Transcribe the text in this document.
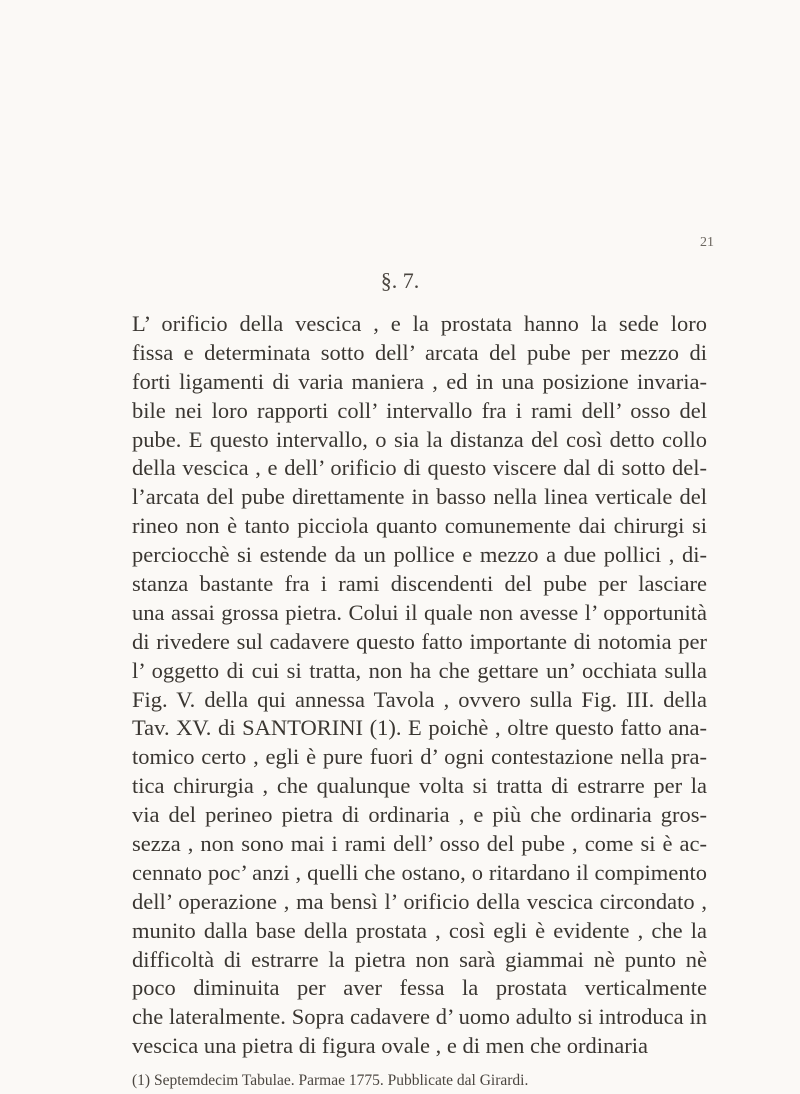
21
§. 7.
L’ orificio della vescica , e la prostata hanno la sede loro
fissa e determinata sotto dell’ arcata del pube per mezzo di
forti ligamenti di varia maniera , ed in una posizione invaria-
bile nei loro rapporti coll’ intervallo fra i rami dell’ osso del
pube. E questo intervallo, o sia la distanza del così detto collo
della vescica , e dell’ orificio di questo viscere dal di sotto del-
l’arcata del pube direttamente in basso nella linea verticale del
rineo non è tanto picciola quanto comunemente dai chirurgi si
perciocchè si estende da un pollice e mezzo a due pollici , di-
stanza bastante fra i rami discendenti del pube per lasciare
una assai grossa pietra. Colui il quale non avesse l’ opportunità
di rivedere sul cadavere questo fatto importante di notomia per
l’ oggetto di cui si tratta, non ha che gettare un’ occhiata sulla
Fig. V. della qui annessa Tavola , ovvero sulla Fig. III. della
Tav. XV. di SANTORINI (1). E poichè , oltre questo fatto ana-
tomico certo , egli è pure fuori d’ ogni contestazione nella pra-
tica chirurgia , che qualunque volta si tratta di estrarre per la
via del perineo pietra di ordinaria , e più che ordinaria gros-
sezza , non sono mai i rami dell’ osso del pube , come si è ac-
cennato poc’ anzi , quelli che ostano, o ritardano il compimento
dell’ operazione , ma bensì l’ orificio della vescica circondato ,
munito dalla base della prostata , così egli è evidente , che la
difficoltà di estrarre la pietra non sarà giammai nè punto nè
poco diminuita per aver fessa la prostata verticalmente
che lateralmente. Sopra cadavere d’ uomo adulto si introduca in
vescica una pietra di figura ovale , e di men che ordinaria
(1) Septemdecim Tabulae. Parmae 1775. Pubblicate dal Girardi.
